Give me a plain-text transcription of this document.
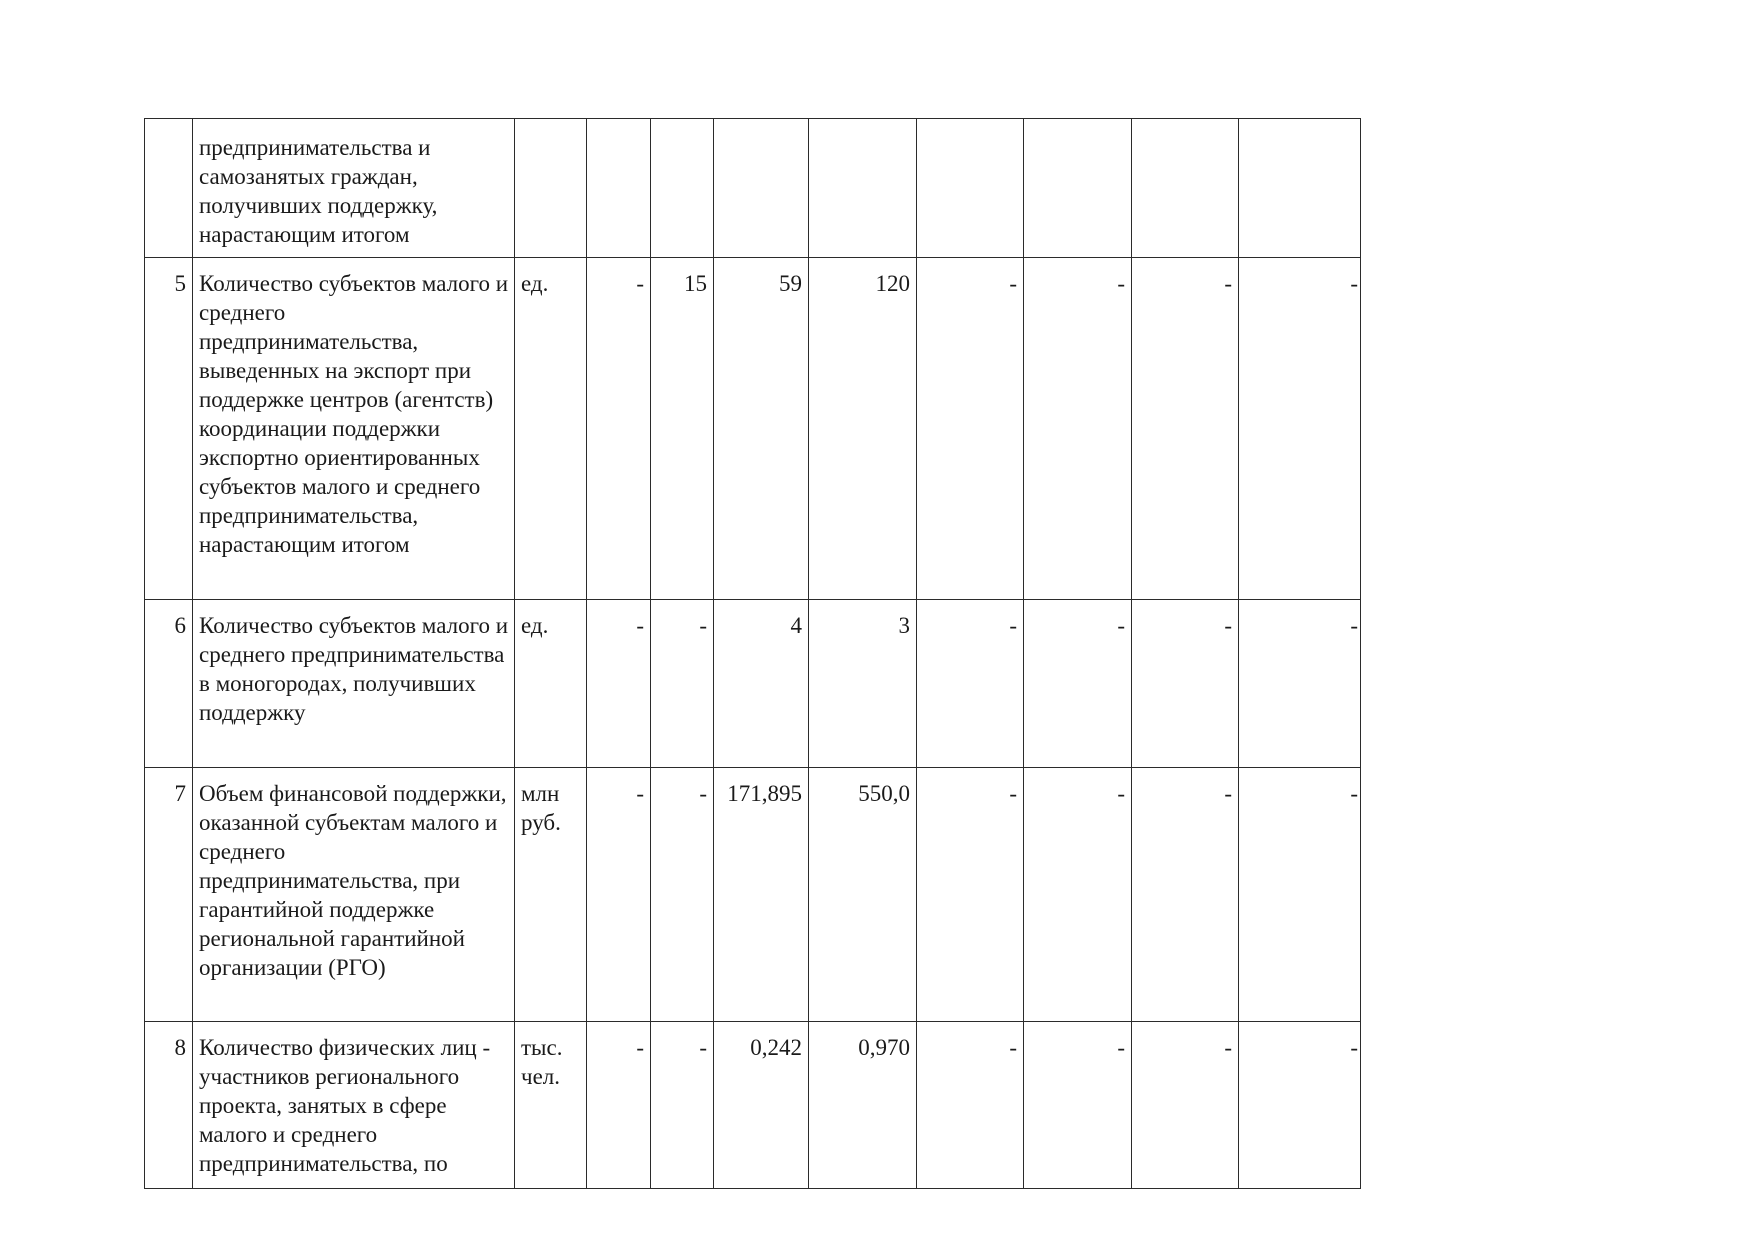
	предпринимательства и самозанятых граждан, получивших поддержку, нарастающим итогом									
5	Количество субъектов малого и среднего предпринимательства, выведенных на экспорт при поддержке центров (агентств) координации поддержки экспортно ориентированных субъектов малого и среднего предпринимательства, нарастающим итогом	ед.	-	15	59	120	-	-	-	-
6	Количество субъектов малого и среднего предпринимательства в моногородах, получивших поддержку	ед.	-	-	4	3	-	-	-	-
7	Объем финансовой поддержки, оказанной субъектам малого и среднего предпринимательства, при гарантийной поддержке региональной гарантийной организации (РГО)	млн руб.	-	-	171,895	550,0	-	-	-	-
8	Количество физических лиц - участников регионального проекта, занятых в сфере малого и среднего предпринимательства, по	тыс. чел.	-	-	0,242	0,970	-	-	-	-
